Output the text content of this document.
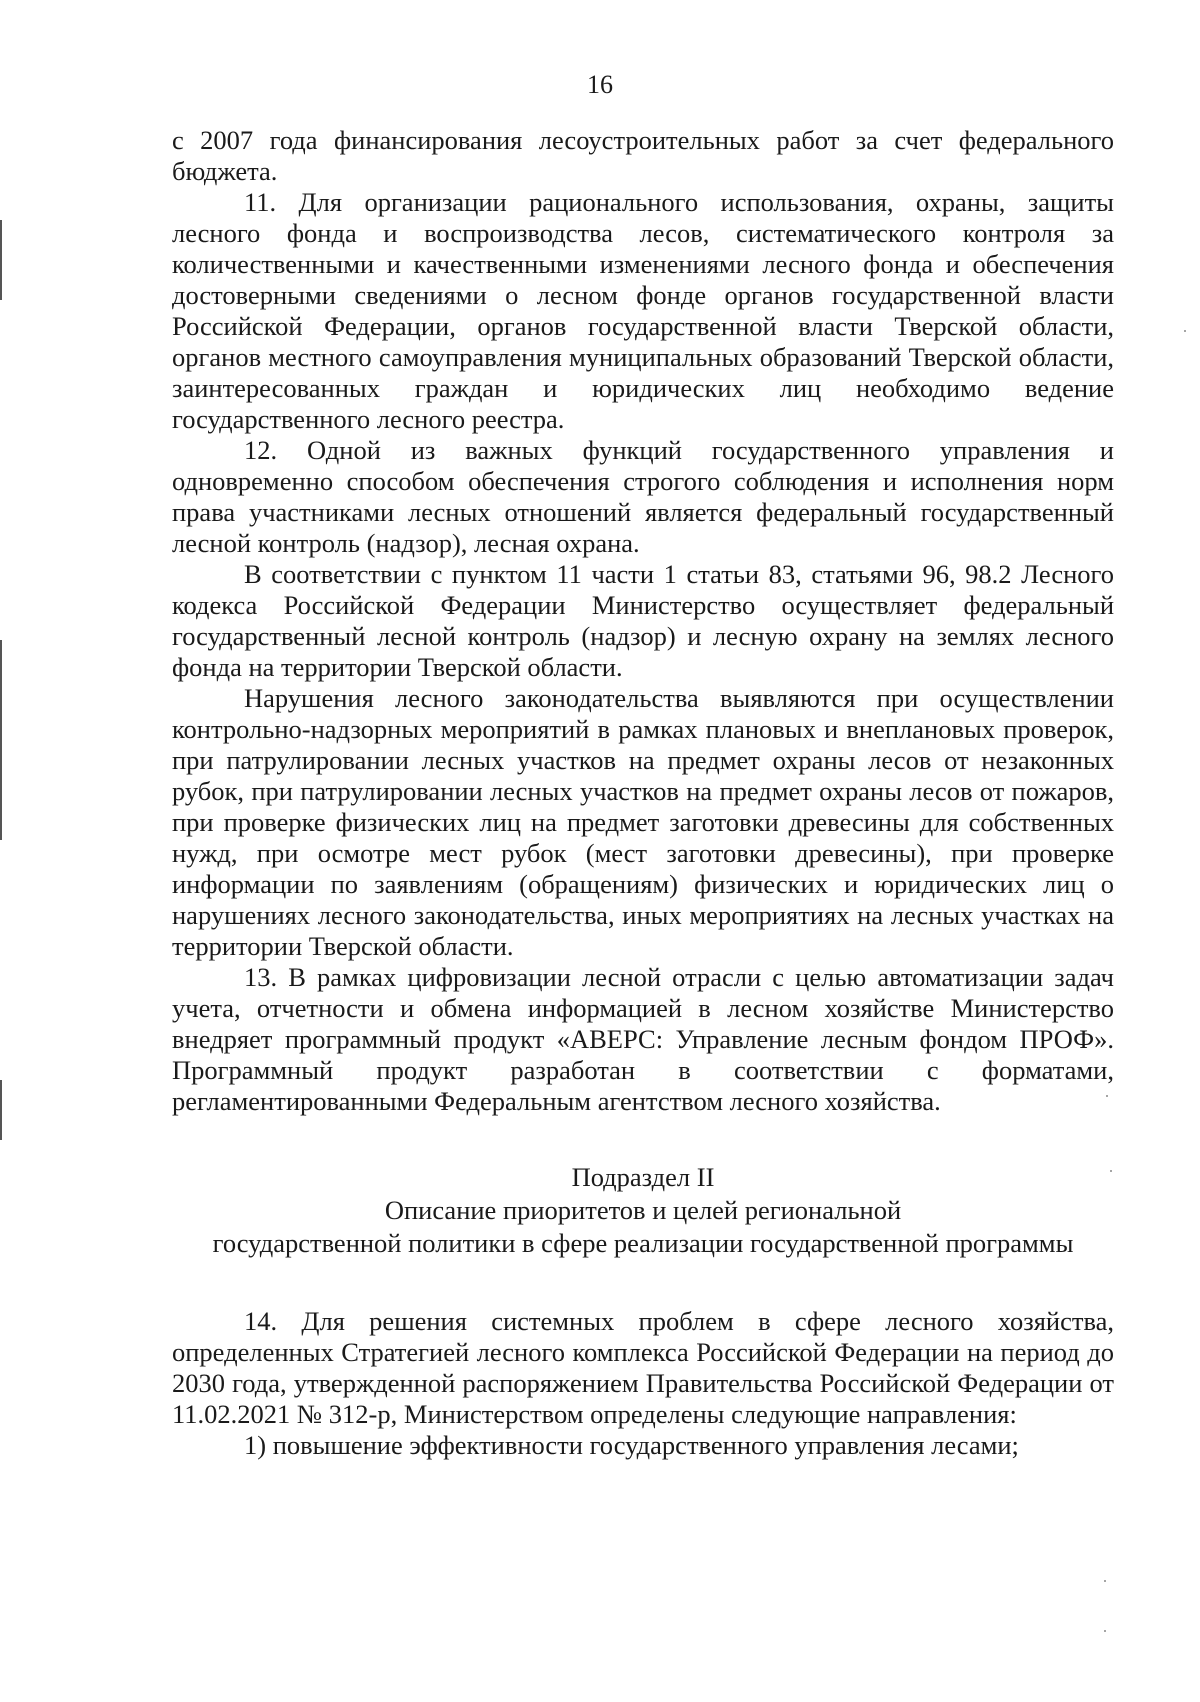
16

с 2007 года финансирования лесоустроительных работ за счет федерального бюджета.

11. Для организации рационального использования, охраны, защиты лесного фонда и воспроизводства лесов, систематического контроля за количественными и качественными изменениями лесного фонда и обеспечения достоверными сведениями о лесном фонде органов государственной власти Российской Федерации, органов государственной власти Тверской области, органов местного самоуправления муниципальных образований Тверской области, заинтересованных граждан и юридических лиц необходимо ведение государственного лесного реестра.

12. Одной из важных функций государственного управления и одновременно способом обеспечения строгого соблюдения и исполнения норм права участниками лесных отношений является федеральный государственный лесной контроль (надзор), лесная охрана.

В соответствии с пунктом 11 части 1 статьи 83, статьями 96, 98.2 Лесного кодекса Российской Федерации Министерство осуществляет федеральный государственный лесной контроль (надзор) и лесную охрану на землях лесного фонда на территории Тверской области.

Нарушения лесного законодательства выявляются при осуществлении контрольно-надзорных мероприятий в рамках плановых и внеплановых проверок, при патрулировании лесных участков на предмет охраны лесов от незаконных рубок, при патрулировании лесных участков на предмет охраны лесов от пожаров, при проверке физических лиц на предмет заготовки древесины для собственных нужд, при осмотре мест рубок (мест заготовки древесины), при проверке информации по заявлениям (обращениям) физических и юридических лиц о нарушениях лесного законодательства, иных мероприятиях на лесных участках на территории Тверской области.

13. В рамках цифровизации лесной отрасли с целью автоматизации задач учета, отчетности и обмена информацией в лесном хозяйстве Министерство внедряет программный продукт «АВЕРС: Управление лесным фондом ПРОФ». Программный продукт разработан в соответствии с форматами, регламентированными Федеральным агентством лесного хозяйства.

Подраздел II
Описание приоритетов и целей региональной
государственной политики в сфере реализации государственной программы

14. Для решения системных проблем в сфере лесного хозяйства, определенных Стратегией лесного комплекса Российской Федерации на период до 2030 года, утвержденной распоряжением Правительства Российской Федерации от 11.02.2021 № 312-р, Министерством определены следующие направления:

1) повышение эффективности государственного управления лесами;
